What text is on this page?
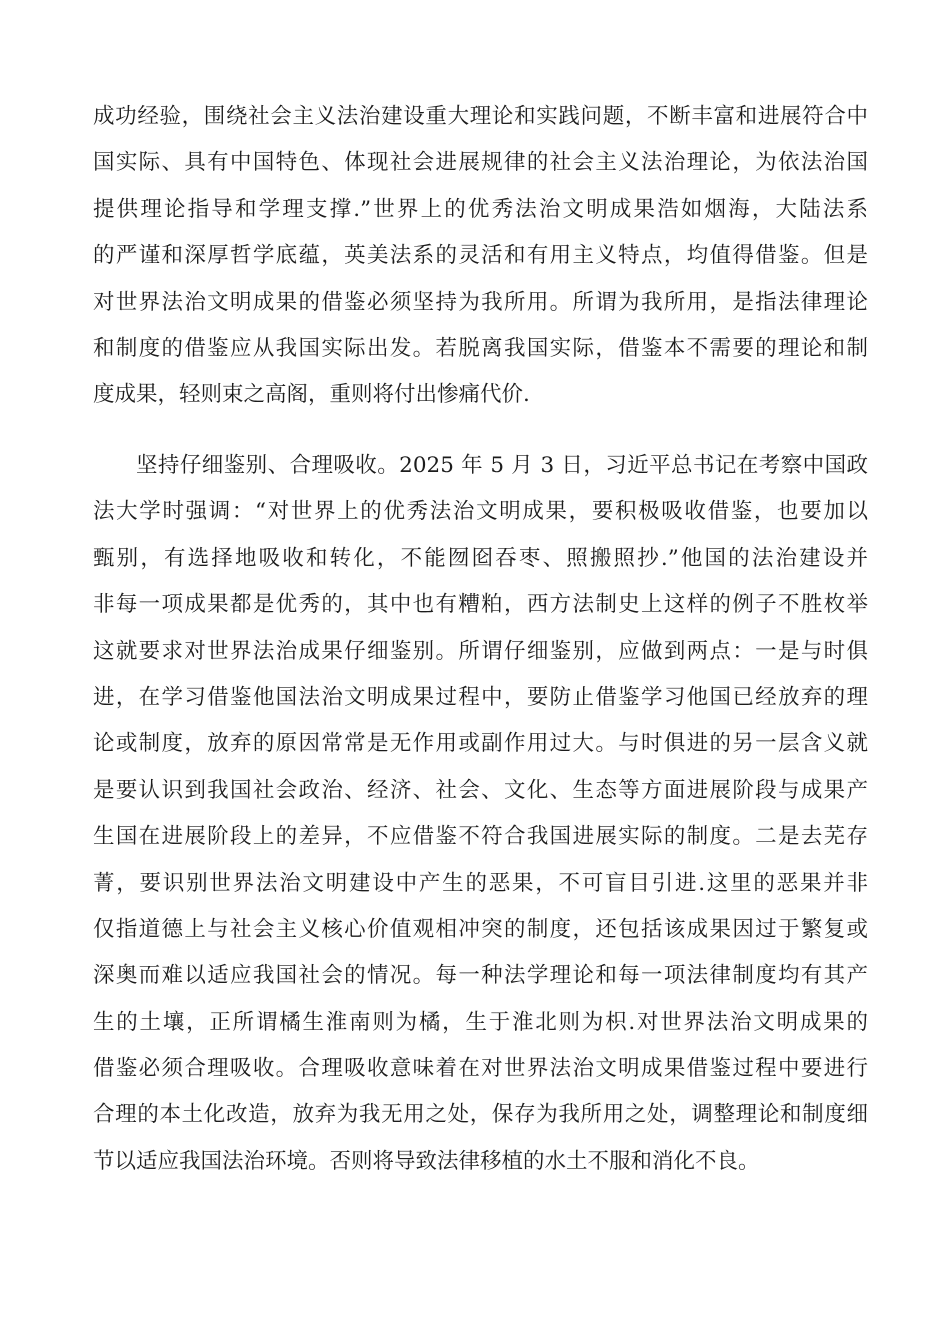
成功经验，围绕社会主义法治建设重大理论和实践问题，不断丰富和进展符合中
国实际、具有中国特色、体现社会进展规律的社会主义法治理论，为依法治国
提供理论指导和学理支撑.”世界上的优秀法治文明成果浩如烟海，大陆法系
的严谨和深厚哲学底蕴，英美法系的灵活和有用主义特点，均值得借鉴。但是
对世界法治文明成果的借鉴必须坚持为我所用。所谓为我所用，是指法律理论
和制度的借鉴应从我国实际出发。若脱离我国实际，借鉴本不需要的理论和制
度成果，轻则束之高阁，重则将付出惨痛代价.
坚持仔细鉴别、合理吸收。2025 年 5 月 3 日，习近平总书记在考察中国政
法大学时强调：“对世界上的优秀法治文明成果，要积极吸收借鉴，也要加以
甄别，有选择地吸收和转化，不能囫囵吞枣、照搬照抄.”他国的法治建设并
非每一项成果都是优秀的，其中也有糟粕，西方法制史上这样的例子不胜枚举
这就要求对世界法治成果仔细鉴别。所谓仔细鉴别，应做到两点：一是与时俱
进，在学习借鉴他国法治文明成果过程中，要防止借鉴学习他国已经放弃的理
论或制度，放弃的原因常常是无作用或副作用过大。与时俱进的另一层含义就
是要认识到我国社会政治、经济、社会、文化、生态等方面进展阶段与成果产
生国在进展阶段上的差异，不应借鉴不符合我国进展实际的制度。二是去芜存
菁，要识别世界法治文明建设中产生的恶果，不可盲目引进.这里的恶果并非
仅指道德上与社会主义核心价值观相冲突的制度，还包括该成果因过于繁复或
深奥而难以适应我国社会的情况。每一种法学理论和每一项法律制度均有其产
生的土壤，正所谓橘生淮南则为橘，生于淮北则为枳.对世界法治文明成果的
借鉴必须合理吸收。合理吸收意味着在对世界法治文明成果借鉴过程中要进行
合理的本土化改造，放弃为我无用之处，保存为我所用之处，调整理论和制度细
节以适应我国法治环境。否则将导致法律移植的水土不服和消化不良。
